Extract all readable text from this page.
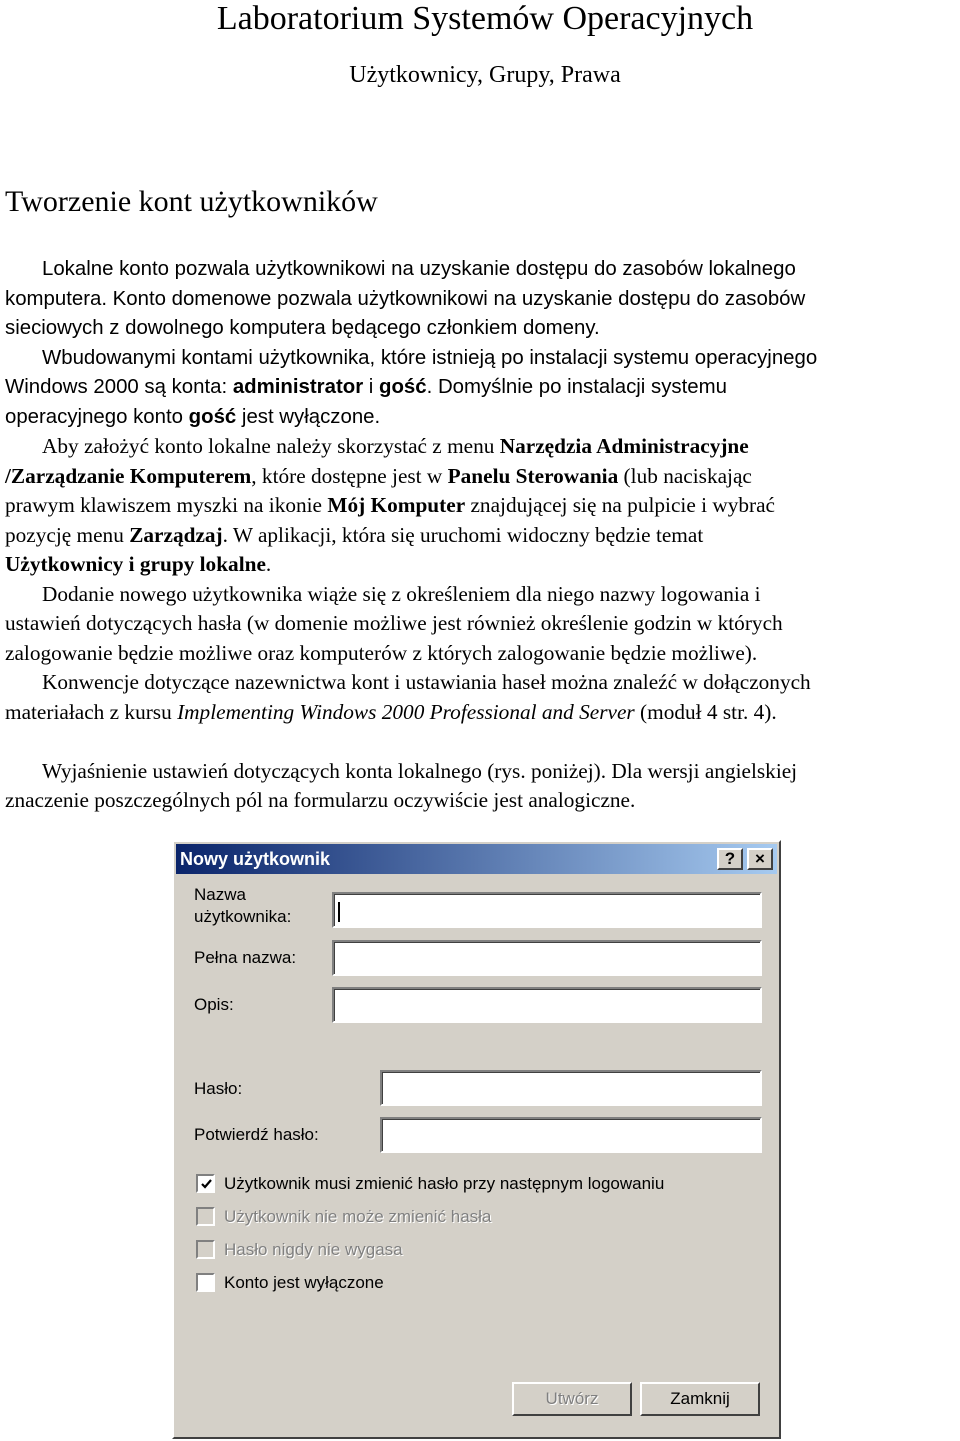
Laboratorium Systemów Operacyjnych
Użytkownicy, Grupy, Prawa
Tworzenie kont użytkowników

Lokalne konto pozwala użytkownikowi na uzyskanie dostępu do zasobów lokalnego

komputera. Konto domenowe pozwala użytkownikowi na uzyskanie dostępu do zasobów

sieciowych z dowolnego komputera będącego członkiem domeny.

Wbudowanymi kontami użytkownika, które istnieją po instalacji systemu operacyjnego

Windows 2000 są konta: administrator i gość. Domyślnie po instalacji systemu

operacyjnego konto gość jest wyłączone.

Aby założyć konto lokalne należy skorzystać z menu Narzędzia Administracyjne

/Zarządzanie Komputerem, które dostępne jest w Panelu Sterowania (lub naciskając

prawym klawiszem myszki na ikonie Mój Komputer znajdującej się na pulpicie i wybrać

pozycję menu Zarządzaj. W aplikacji, która się uruchomi widoczny będzie temat

Użytkownicy i grupy lokalne.

Dodanie nowego użytkownika wiąże się z określeniem dla niego nazwy logowania i

ustawień dotyczących hasła (w domenie możliwe jest również określenie godzin w których

zalogowanie będzie możliwe oraz komputerów z których zalogowanie będzie możliwe).

Konwencje dotyczące nazewnictwa kont i ustawiania haseł można znaleźć w dołączonych

materiałach z kursu Implementing Windows 2000 Professional and Server (moduł 4 str. 4).

Wyjaśnienie ustawień dotyczących konta lokalnego (rys. poniżej). Dla wersji angielskiej

znaczenie poszczególnych pól na formularzu oczywiście jest analogiczne.

Nowy użytkownik	?	×
Nazwa
użytkownika:
Pełna nazwa:
Opis:
Hasło:
Potwierdź hasło:
Użytkownik musi zmienić hasło przy następnym logowaniu
Użytkownik nie może zmienić hasła
Hasło nigdy nie wygasa
Konto jest wyłączone
Utwórz	Zamknij
